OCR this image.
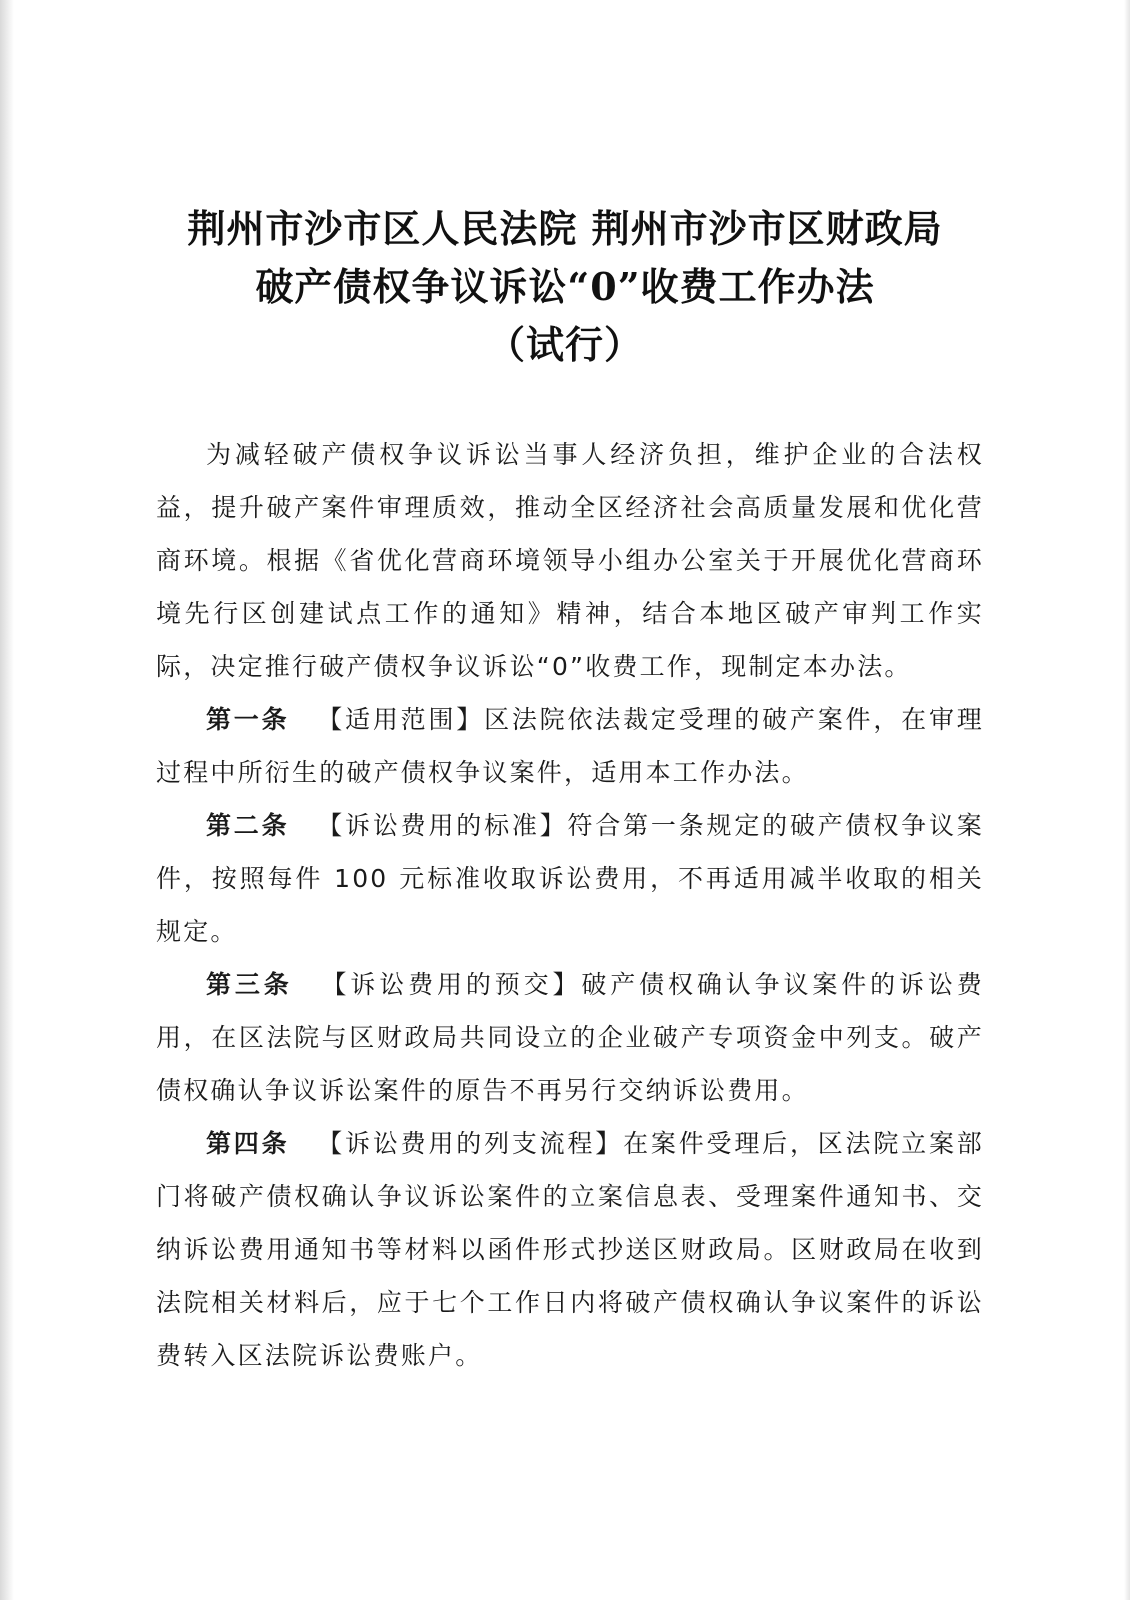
荆州市沙市区人民法院 荆州市沙市区财政局
破产债权争议诉讼“0”收费工作办法
（试行）

为减轻破产债权争议诉讼当事人经济负担，维护企业的合法权益，提升破产案件审理质效，推动全区经济社会高质量发展和优化营商环境。根据《省优化营商环境领导小组办公室关于开展优化营商环境先行区创建试点工作的通知》精神，结合本地区破产审判工作实际，决定推行破产债权争议诉讼“0”收费工作，现制定本办法。

第一条  【适用范围】区法院依法裁定受理的破产案件，在审理过程中所衍生的破产债权争议案件，适用本工作办法。

第二条  【诉讼费用的标准】符合第一条规定的破产债权争议案件，按照每件 100 元标准收取诉讼费用，不再适用减半收取的相关规定。

第三条  【诉讼费用的预交】破产债权确认争议案件的诉讼费用，在区法院与区财政局共同设立的企业破产专项资金中列支。破产债权确认争议诉讼案件的原告不再另行交纳诉讼费用。

第四条  【诉讼费用的列支流程】在案件受理后，区法院立案部门将破产债权确认争议诉讼案件的立案信息表、受理案件通知书、交纳诉讼费用通知书等材料以函件形式抄送区财政局。区财政局在收到法院相关材料后，应于七个工作日内将破产债权确认争议案件的诉讼费转入区法院诉讼费账户。
